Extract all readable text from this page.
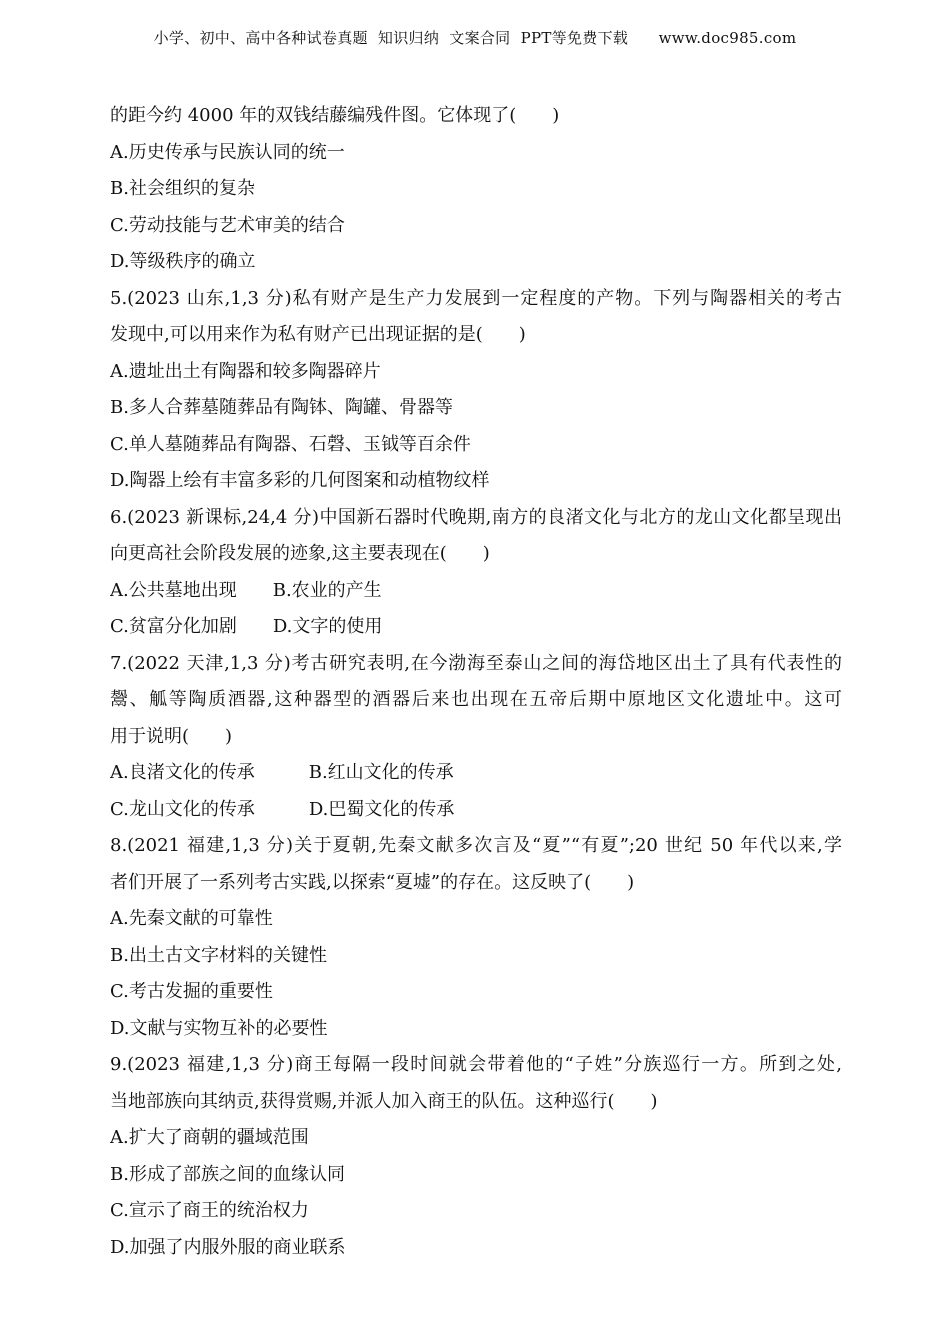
小学、初中、高中各种试卷真题  知识归纳  文案合同  PPT等免费下载      www.doc985.com
的距今约 4000 年的双钱结藤编残件图。它体现了(　　)
A.历史传承与民族认同的统一
B.社会组织的复杂
C.劳动技能与艺术审美的结合
D.等级秩序的确立
5.(2023 山东,1,3 分)私有财产是生产力发展到一定程度的产物。下列与陶器相关的考古
发现中,可以用来作为私有财产已出现证据的是(　　)
A.遗址出土有陶器和较多陶器碎片
B.多人合葬墓随葬品有陶钵、陶罐、骨器等
C.单人墓随葬品有陶器、石磬、玉钺等百余件
D.陶器上绘有丰富多彩的几何图案和动植物纹样
6.(2023 新课标,24,4 分)中国新石器时代晚期,南方的良渚文化与北方的龙山文化都呈现出
向更高社会阶段发展的迹象,这主要表现在(　　)
A.公共墓地出现 B.农业的产生
C.贫富分化加剧 D.文字的使用
7.(2022 天津,1,3 分)考古研究表明,在今渤海至泰山之间的海岱地区出土了具有代表性的
鬶、觚等陶质酒器,这种器型的酒器后来也出现在五帝后期中原地区文化遗址中。这可
用于说明(　　)
A.良渚文化的传承	B.红山文化的传承
C.龙山文化的传承	D.巴蜀文化的传承
8.(2021 福建,1,3 分)关于夏朝,先秦文献多次言及“夏”“有夏”;20 世纪 50 年代以来,学
者们开展了一系列考古实践,以探索“夏墟”的存在。这反映了(　　)
A.先秦文献的可靠性
B.出土古文字材料的关键性
C.考古发掘的重要性
D.文献与实物互补的必要性
9.(2023 福建,1,3 分)商王每隔一段时间就会带着他的“子姓”分族巡行一方。所到之处,
当地部族向其纳贡,获得赏赐,并派人加入商王的队伍。这种巡行(　　)
A.扩大了商朝的疆域范围
B.形成了部族之间的血缘认同
C.宣示了商王的统治权力
D.加强了内服外服的商业联系
